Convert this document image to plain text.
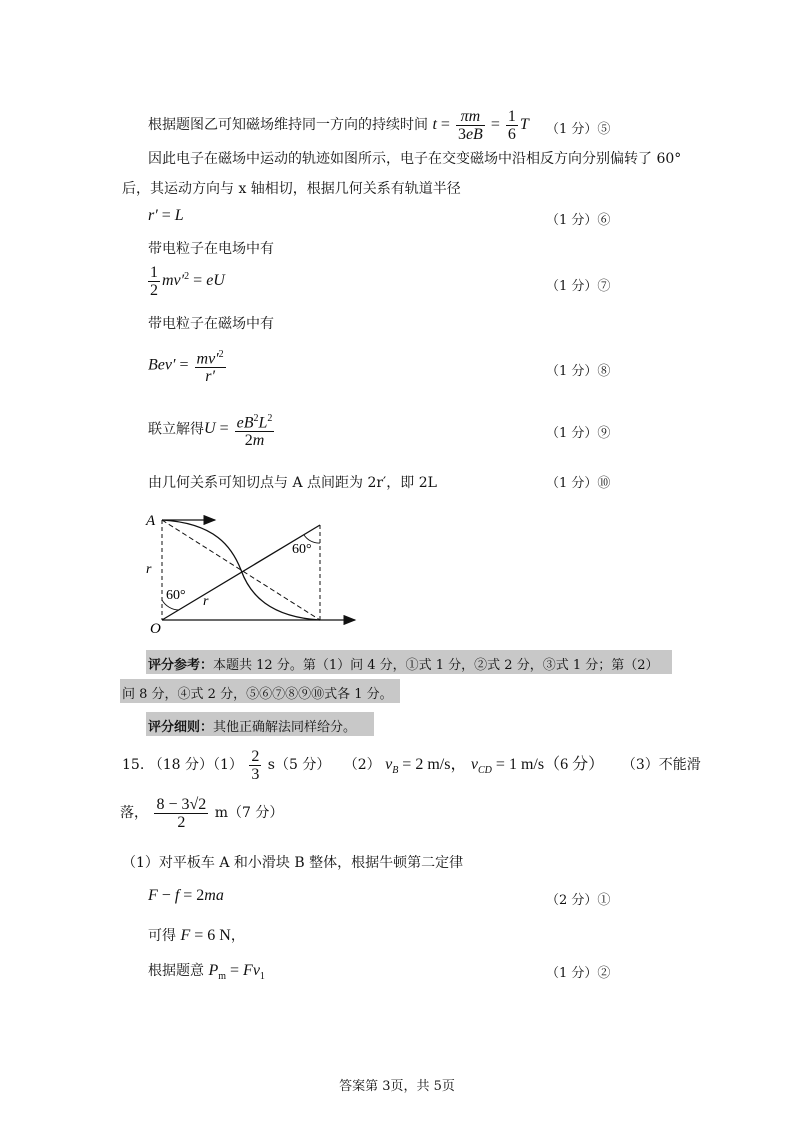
根据题图乙可知磁场维持同一方向的持续时间 $t = \frac{\pi m}{3eB} = \frac{1}{6}$ T （1 分）⑤
因此电子在磁场中运动的轨迹如图所示，电子在交变磁场中沿相反方向分别偏转了 60°
后，其运动方向与 x 轴相切，根据几何关系有轨道半径
r′ = L	（1 分）⑥
带电粒子在电场中有
$\frac{1}{2} mv'^2$ = eU	（1 分）⑦
带电粒子在磁场中有
$Bev' = \frac{mv'^2}{r'}$	（1 分）⑧
联立解得$U = \frac{eB^2L^2}{2m}$	（1 分）⑨
由几何关系可知切点与 A 点间距为 2r′，即 2L	（1 分）⑩
A
O
r
r
60°
60°
评分参考：本题共 12 分。第（1）问 4 分，①式 1 分，②式 2 分，③式 1 分；第（2）
问 8 分，④式 2 分，⑤⑥⑦⑧⑨⑩式各 1 分。
评分细则：其他正确解法同样给分。
15. （18 分）$(1) \frac{2}{3} s(5$ 分） （2） $v_B = 2$ m/s， $v_{CD} = 1$ m/s（6 分） （3）不能滑
落， $\frac{8 - 3√2}{2} m(7$ 分）
（1）对平板车 A 和小滑块 B 整体，根据牛顿第二定律
F − f = 2ma	（2 分）①
可得 F = 6 N，
根据题意 $P_m = Fv_1$	（1 分）②
答案第 3页，共 5页
